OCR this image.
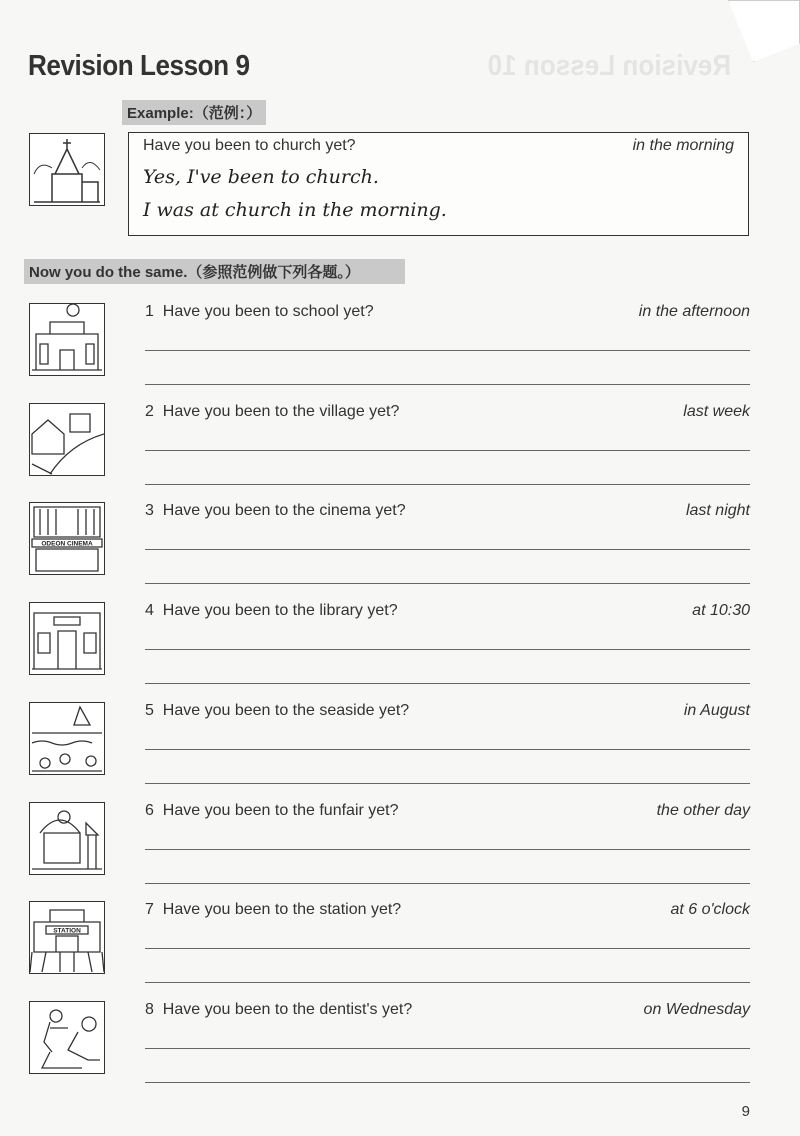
Revision Lesson 10
Revision Lesson 9
Example:（范例：）
Have you been to church yet?	in the morning
Yes, I've been to church.
I was at church in the morning.
Now you do the same.（参照范例做下列各题。）
1 Have you been to school yet?	in the afternoon
2 Have you been to the village yet?	last week
ODEON CINEMA
3 Have you been to the cinema yet?	last night
4 Have you been to the library yet?	at 10:30
5 Have you been to the seaside yet?	in August
6 Have you been to the funfair yet?	the other day
STATION
7 Have you been to the station yet?	at 6 o'clock
8 Have you been to the dentist's yet?	on Wednesday
9
